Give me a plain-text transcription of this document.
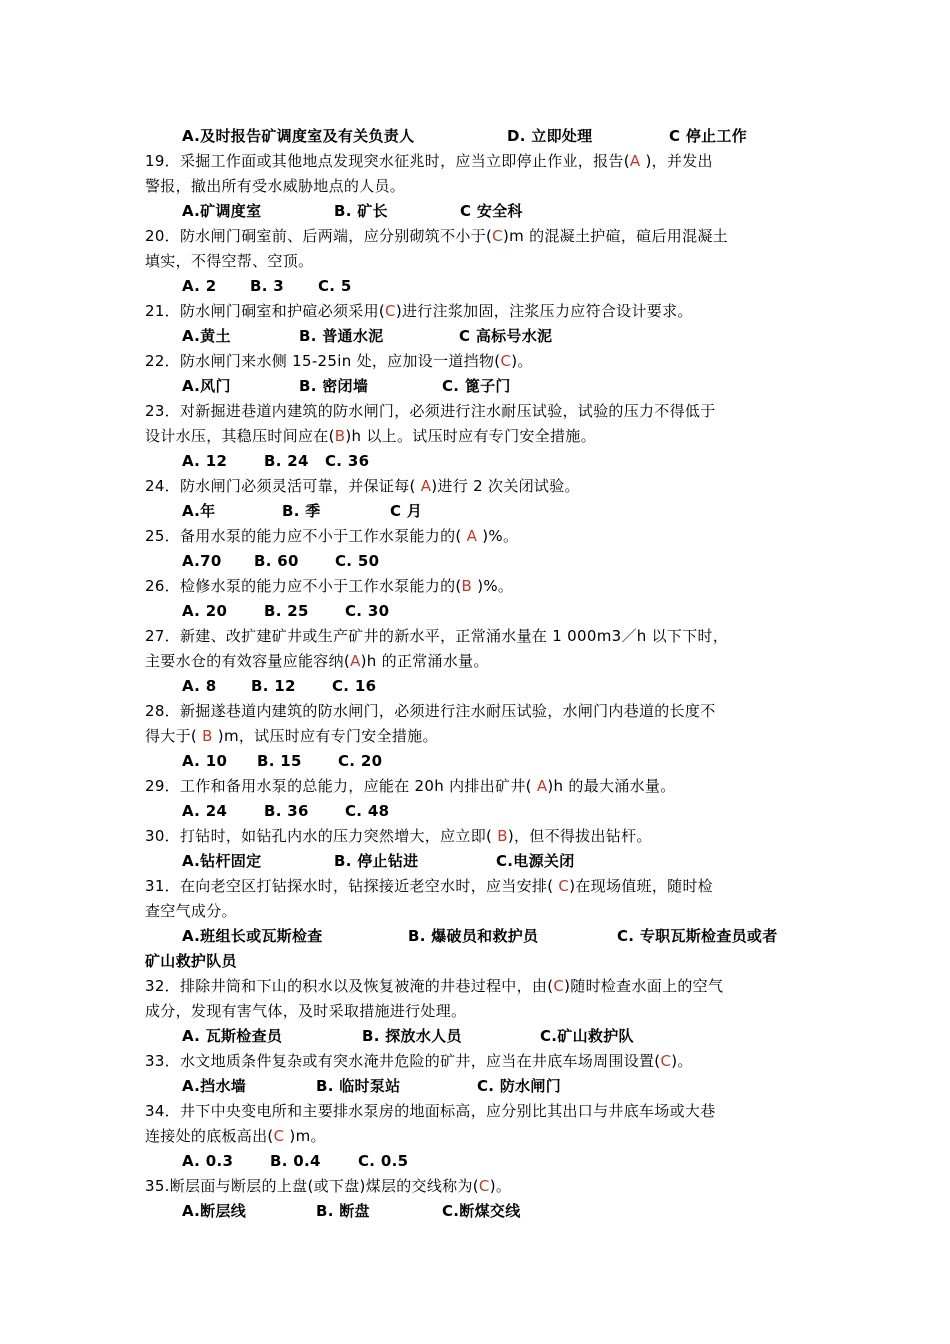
A.及时报告矿调度室及有关负责人	D. 立即处理	C 停止工作
19．采掘工作面或其他地点发现突水征兆时，应当立即停止作业，报告(A )，并发出
警报，撤出所有受水威胁地点的人员。
A.矿调度室	B. 矿长	C 安全科
20．防水闸门硐室前、后两端，应分别砌筑不小于(C)m 的混凝土护碹，碹后用混凝土
填实，不得空帮、空顶。
A. 2 B. 3 C. 5
21．防水闸门硐室和护碹必须采用(C)进行注浆加固，注浆压力应符合设计要求。
A.黄土	B. 普通水泥	C 高标号水泥
22．防水闸门来水侧 15-25in 处，应加设一道挡物(C)。
A.风门	B. 密闭墙	C. 篦子门
23．对新掘进巷道内建筑的防水闸门，必须进行注水耐压试验，试验的压力不得低于
设计水压，其稳压时间应在(B)h 以上。试压时应有专门安全措施。
A. 12 B. 24 C. 36
24．防水闸门必须灵活可靠，并保证每( A)进行 2 次关闭试验。
A.年	B. 季	C 月
25．备用水泵的能力应不小于工作水泵能力的( A )%。
A.70 B. 60 C. 50
26．检修水泵的能力应不小于工作水泵能力的(B )%。
A. 20 B. 25 C. 30
27．新建、改扩建矿井或生产矿井的新水平，正常涌水量在 1 000m3／h 以下下时，
主要水仓的有效容量应能容纳(A)h 的正常涌水量。
A. 8 B. 12 C. 16
28．新掘遂巷道内建筑的防水闸门，必须进行注水耐压试验，水闸门内巷道的长度不
得大于( B )m，试压时应有专门安全措施。
A. 10 B. 15 C. 20
29．工作和备用水泵的总能力，应能在 20h 内排出矿井( A)h 的最大涌水量。
A. 24 B. 36 C. 48
30．打钻时，如钻孔内水的压力突然增大，应立即( B)，但不得拔出钻杆。
A.钻杆固定	B. 停止钻进	C.电源关闭
31．在向老空区打钻探水时，钻探接近老空水时，应当安排( C)在现场值班，随时检
查空气成分。
A.班组长或瓦斯检查	B. 爆破员和救护员	C. 专职瓦斯检查员或者
矿山救护队员
32．排除井筒和下山的积水以及恢复被淹的井巷过程中，由(C)随时检查水面上的空气
成分，发现有害气体，及时采取措施进行处理。
A. 瓦斯检查员	B. 探放水人员	C.矿山救护队
33．水文地质条件复杂或有突水淹井危险的矿井，应当在井底车场周围设置(C)。
A.挡水墙	B. 临时泵站	C. 防水闸门
34．井下中央变电所和主要排水泵房的地面标高，应分别比其出口与井底车场或大巷
连接处的底板高出(C )m。
A. 0.3 B. 0.4 C. 0.5
35.断层面与断层的上盘(或下盘)煤层的交线称为(C)。
A.断层线	B. 断盘	C.断煤交线
